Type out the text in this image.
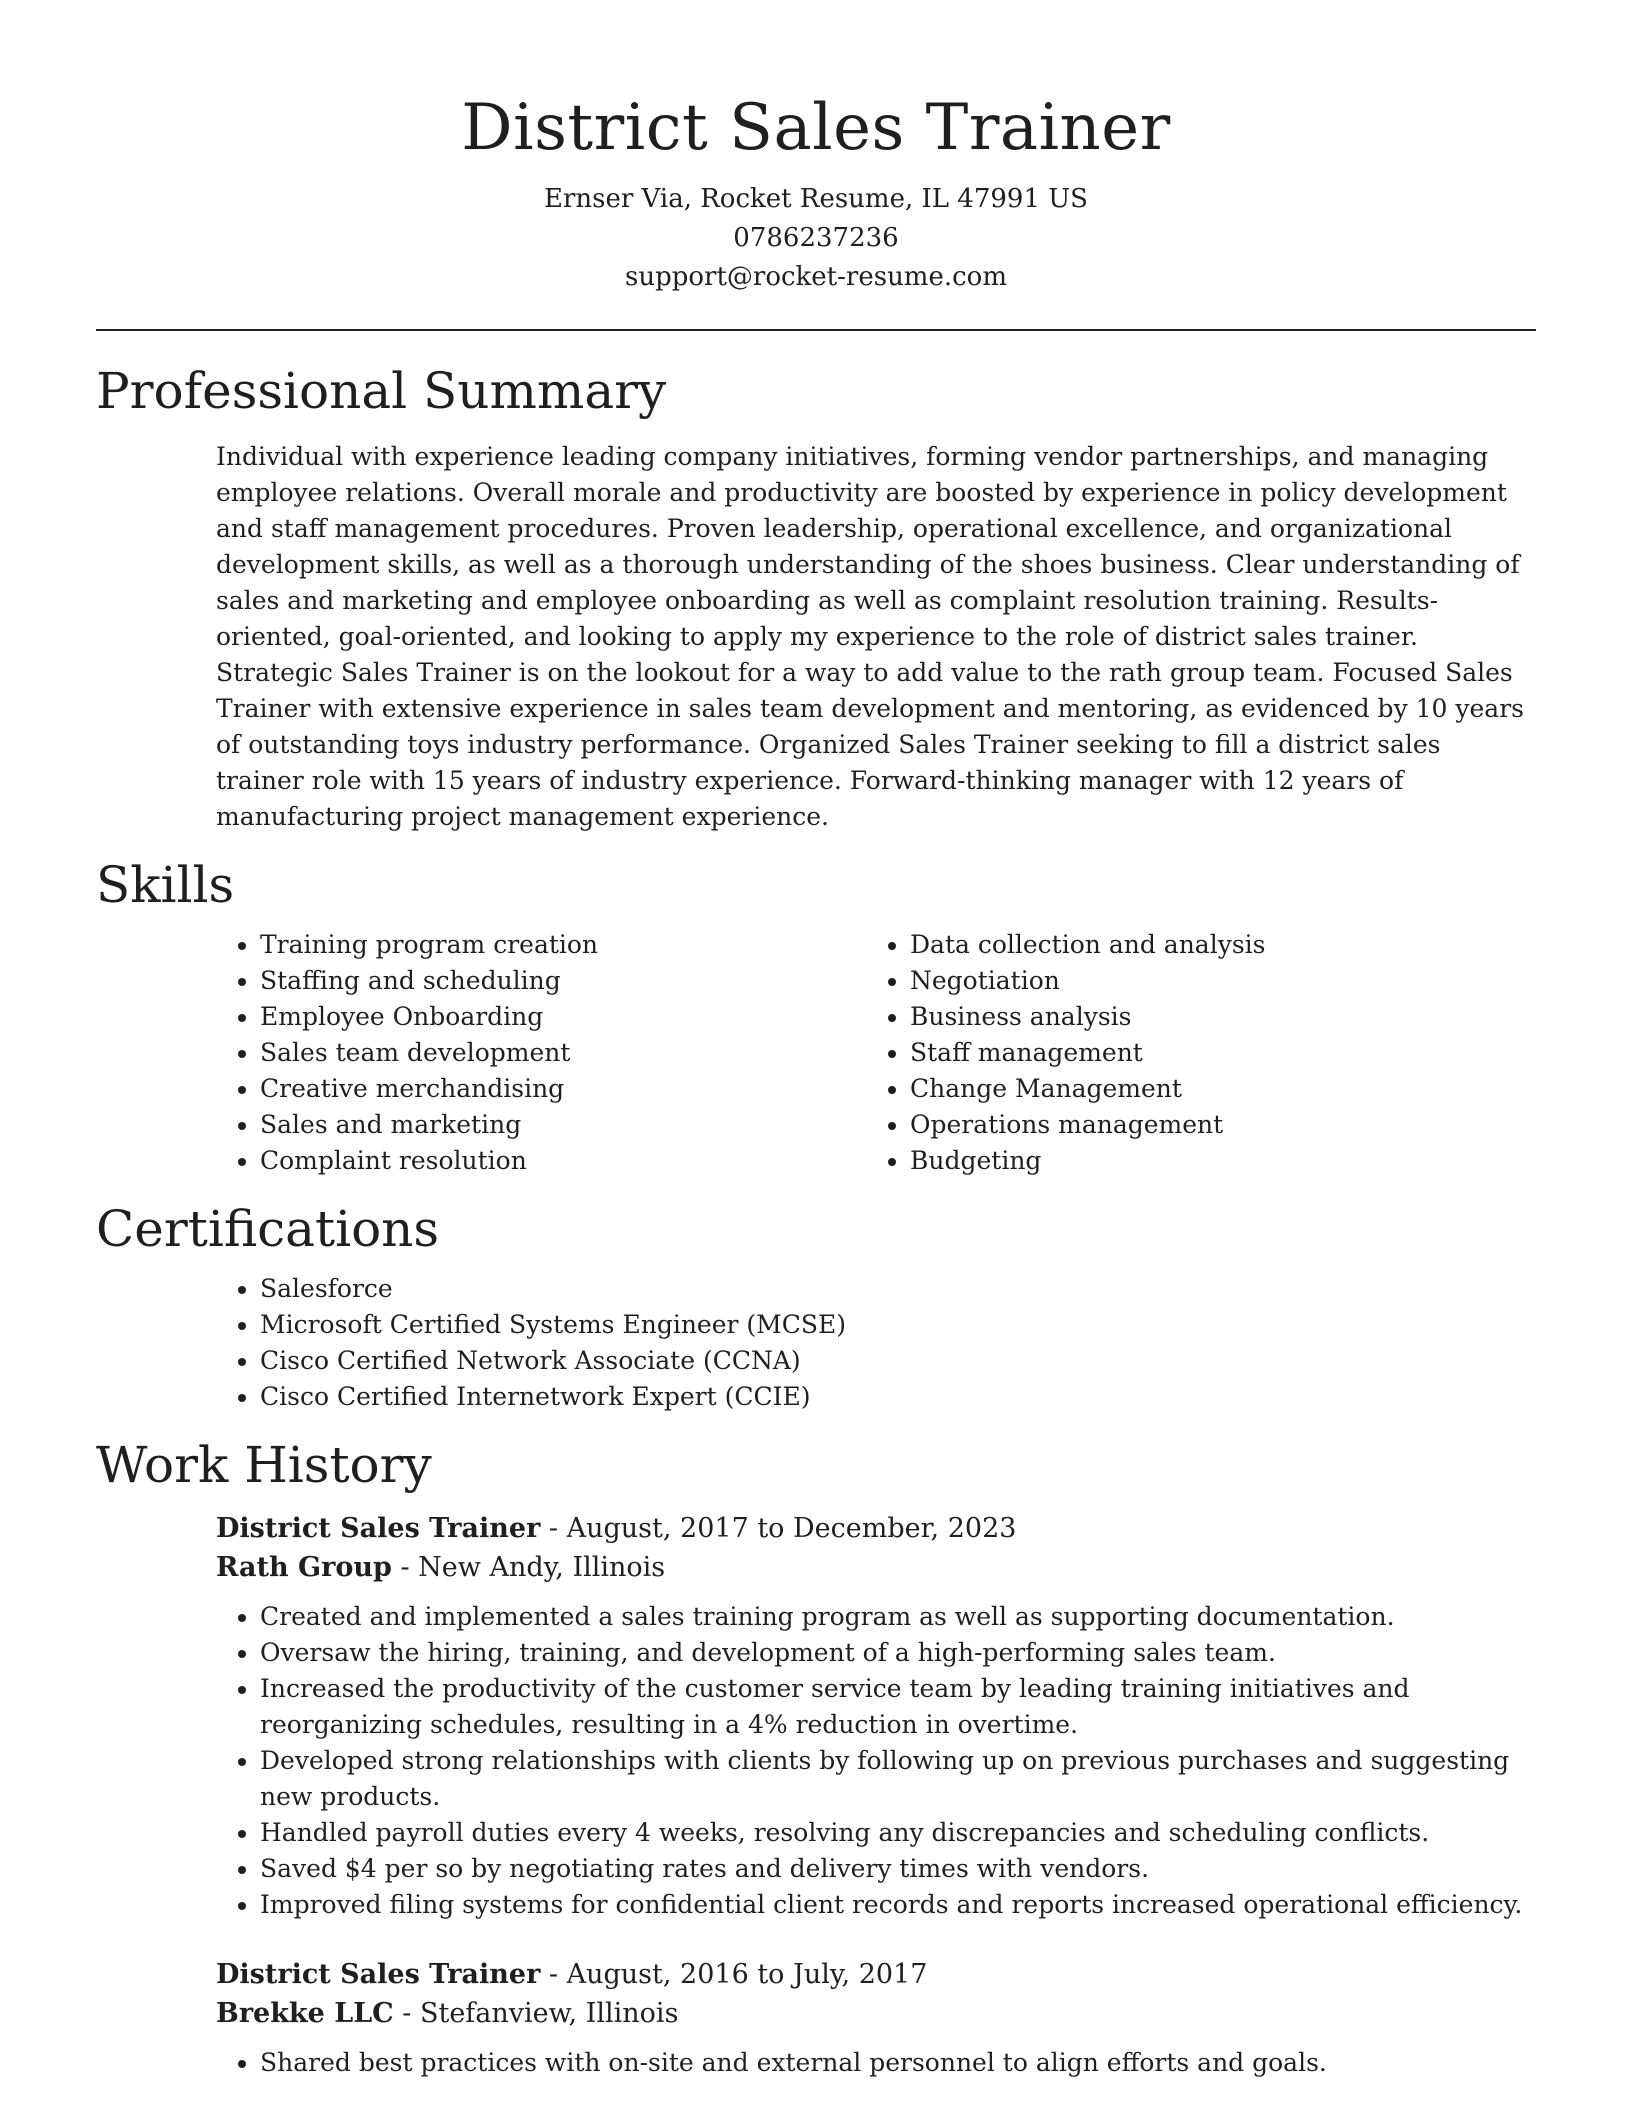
District Sales Trainer

Ernser Via, Rocket Resume, IL 47991 US

0786237236

support@rocket-resume.com

Professional Summary

Individual with experience leading company initiatives, forming vendor partnerships, and managing employee relations. Overall morale and productivity are boosted by experience in policy development and staff management procedures. Proven leadership, operational excellence, and organizational development skills, as well as a thorough understanding of the shoes business. Clear understanding of sales and marketing and employee onboarding as well as complaint resolution training. Results-oriented, goal-oriented, and looking to apply my experience to the role of district sales trainer. Strategic Sales Trainer is on the lookout for a way to add value to the rath group team. Focused Sales Trainer with extensive experience in sales team development and mentoring, as evidenced by 10 years of outstanding toys industry performance. Organized Sales Trainer seeking to fill a district sales trainer role with 15 years of industry experience. Forward-thinking manager with 12 years of manufacturing project management experience.

Skills
• Training program creation
• Staffing and scheduling
• Employee Onboarding
• Sales team development
• Creative merchandising
• Sales and marketing
• Complaint resolution
• Data collection and analysis
• Negotiation
• Business analysis
• Staff management
• Change Management
• Operations management
• Budgeting
Certifications
• Salesforce
• Microsoft Certified Systems Engineer (MCSE)
• Cisco Certified Network Associate (CCNA)
• Cisco Certified Internetwork Expert (CCIE)
Work History

District Sales Trainer - August, 2017 to December, 2023

Rath Group - New Andy, Illinois

• Created and implemented a sales training program as well as supporting documentation.
• Oversaw the hiring, training, and development of a high-performing sales team.
• Increased the productivity of the customer service team by leading training initiatives and reorganizing schedules, resulting in a 4% reduction in overtime.
• Developed strong relationships with clients by following up on previous purchases and suggesting new products.
• Handled payroll duties every 4 weeks, resolving any discrepancies and scheduling conflicts.
• Saved $4 per so by negotiating rates and delivery times with vendors.
• Improved filing systems for confidential client records and reports increased operational efficiency.

District Sales Trainer - August, 2016 to July, 2017

Brekke LLC - Stefanview, Illinois

• Shared best practices with on-site and external personnel to align efforts and goals.
